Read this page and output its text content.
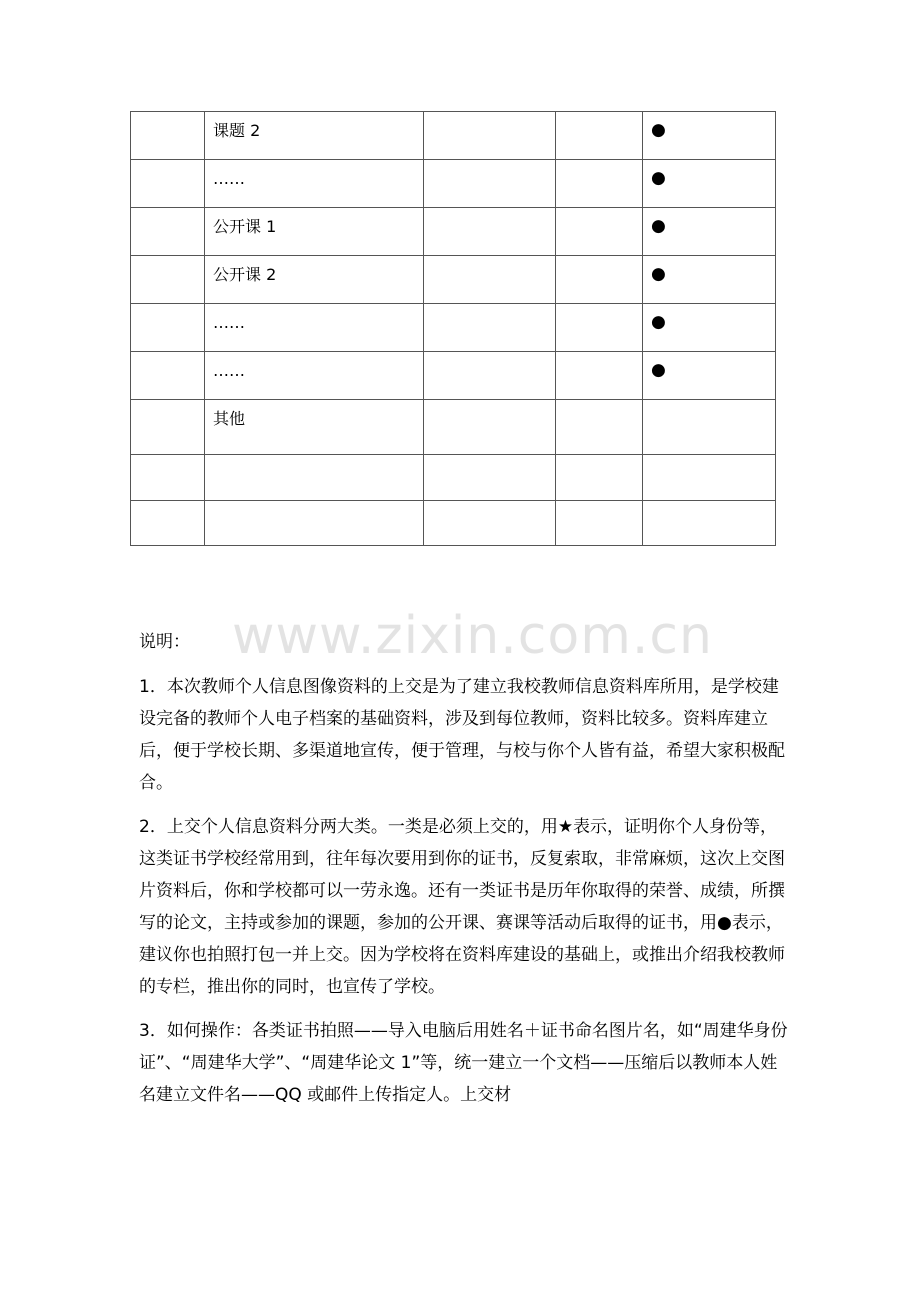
	课题 2			●

	……			●

	公开课 1			●

	公开课 2			●

	……			●

	……			●

	其他			

www.zixin.com.cn

说明：

1．本次教师个人信息图像资料的上交是为了建立我校教师信息资料库所用，是学校建设完备的教师个人电子档案的基础资料，涉及到每位教师，资料比较多。资料库建立后，便于学校长期、多渠道地宣传，便于管理，与校与你个人皆有益，希望大家积极配合。

2．上交个人信息资料分两大类。一类是必须上交的，用★表示，证明你个人身份等，这类证书学校经常用到，往年每次要用到你的证书，反复索取，非常麻烦，这次上交图片资料后，你和学校都可以一劳永逸。还有一类证书是历年你取得的荣誉、成绩，所撰写的论文，主持或参加的课题，参加的公开课、赛课等活动后取得的证书，用●表示，建议你也拍照打包一并上交。因为学校将在资料库建设的基础上，或推出介绍我校教师的专栏，推出你的同时，也宣传了学校。

3．如何操作：各类证书拍照——导入电脑后用姓名＋证书命名图片名，如“周建华身份证”、“周建华大学”、“周建华论文 1”等，统一建立一个文档——压缩后以教师本人姓名建立文件名——QQ 或邮件上传指定人。上交材
